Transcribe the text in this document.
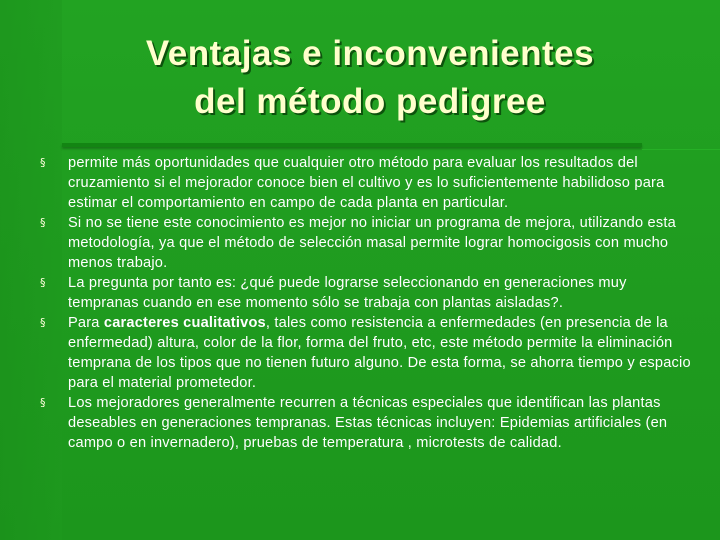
Ventajas e inconvenientes
del método pedigree
§	permite más oportunidades que cualquier otro método para evaluar los resultados del cruzamiento si el mejorador conoce bien el cultivo y es lo suficientemente habilidoso para estimar el comportamiento en campo de cada planta en particular.
§	Si no se tiene este conocimiento es mejor no iniciar un programa de mejora, utilizando esta metodología, ya que el método de selección masal permite lograr homocigosis con mucho menos trabajo.
§	La pregunta por tanto es: ¿qué puede lograrse seleccionando en generaciones muy tempranas cuando en ese momento sólo se trabaja con plantas aisladas?.
§	Para caracteres cualitativos, tales como resistencia a enfermedades (en presencia de la enfermedad) altura, color de la flor, forma del fruto, etc, este método permite la eliminación temprana de los tipos que no tienen futuro alguno. De esta forma, se ahorra tiempo y espacio para el material prometedor.
§	Los mejoradores generalmente recurren a técnicas especiales que identifican las plantas deseables en generaciones tempranas. Estas técnicas incluyen: Epidemias artificiales (en campo o en invernadero), pruebas de temperatura , microtests de calidad.
